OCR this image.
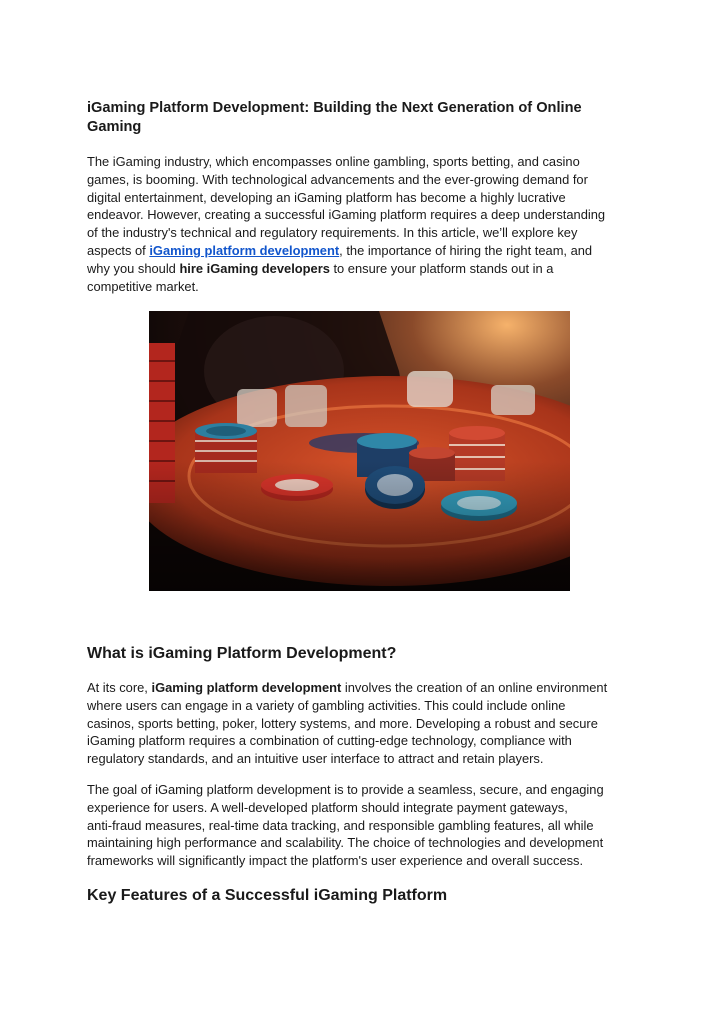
iGaming Platform Development: Building the Next Generation of Online
Gaming

The iGaming industry, which encompasses online gambling, sports betting, and casino
games, is booming. With technological advancements and the ever-growing demand for
digital entertainment, developing an iGaming platform has become a highly lucrative
endeavor. However, creating a successful iGaming platform requires a deep understanding
of the industry's technical and regulatory requirements. In this article, we’ll explore key
aspects of iGaming platform development, the importance of hiring the right team, and
why you should hire iGaming developers to ensure your platform stands out in a
competitive market.

What is iGaming Platform Development?

At its core, iGaming platform development involves the creation of an online environment
where users can engage in a variety of gambling activities. This could include online
casinos, sports betting, poker, lottery systems, and more. Developing a robust and secure
iGaming platform requires a combination of cutting-edge technology, compliance with
regulatory standards, and an intuitive user interface to attract and retain players.

The goal of iGaming platform development is to provide a seamless, secure, and engaging
experience for users. A well-developed platform should integrate payment gateways,
anti-fraud measures, real-time data tracking, and responsible gambling features, all while
maintaining high performance and scalability. The choice of technologies and development
frameworks will significantly impact the platform's user experience and overall success.

Key Features of a Successful iGaming Platform
